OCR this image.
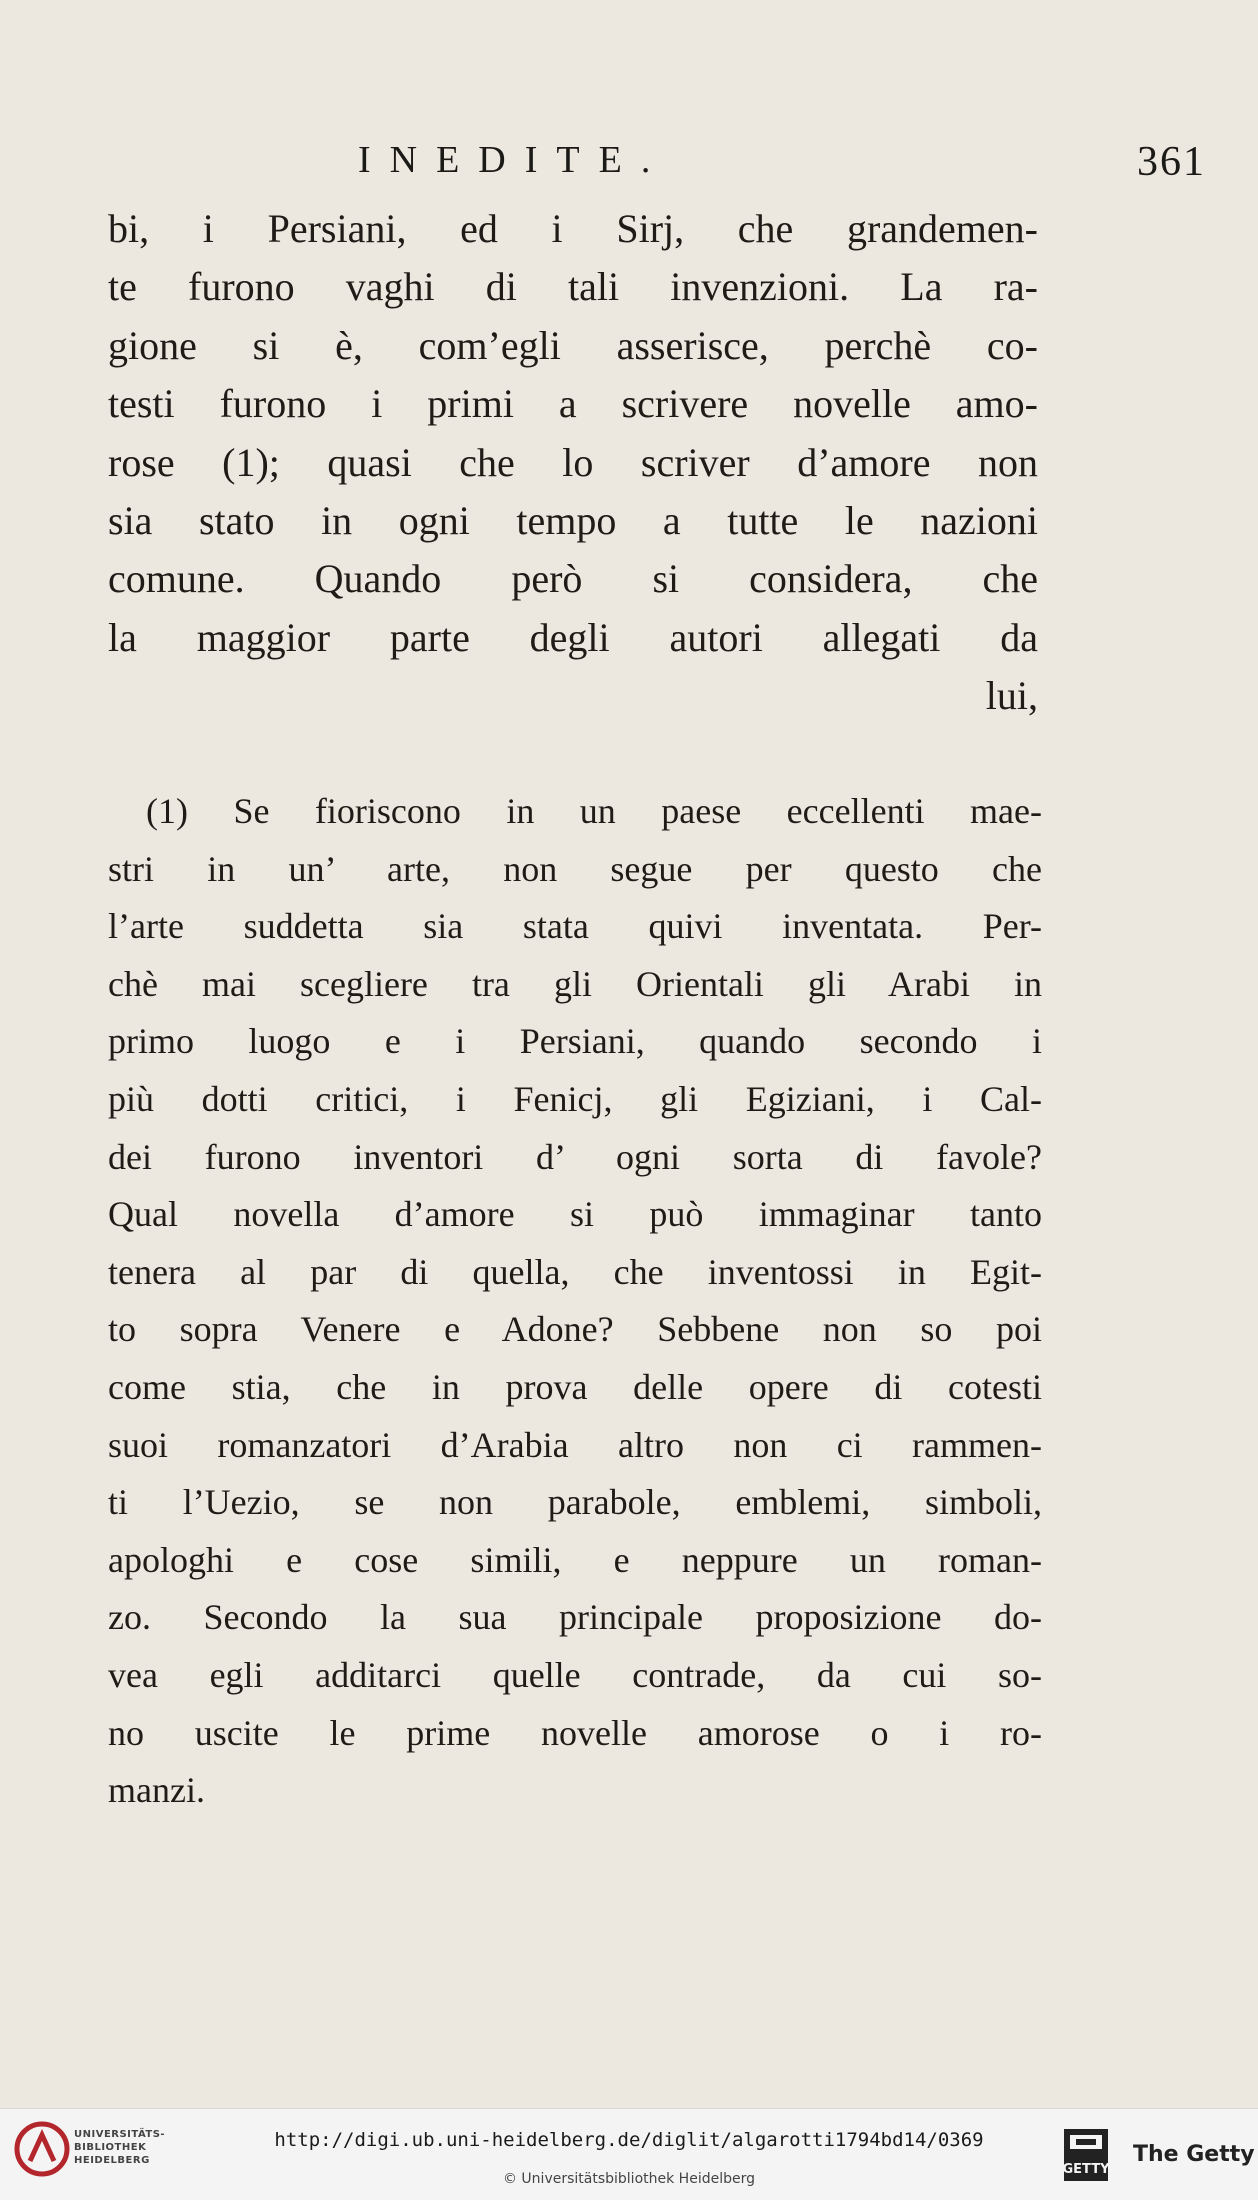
INEDITE.	361
bi, i Persiani, ed i Sirj, che grandemen-
te furono vaghi di tali invenzioni. La ra-
gione si è, com’egli asserisce, perchè co-
testi furono i primi a scrivere novelle amo-
rose (1); quasi che lo scriver d’amore non
sia stato in ogni tempo a tutte le nazioni
comune. Quando però si considera, che
la maggior parte degli autori allegati da
lui,
(1) Se fioriscono in un paese eccellenti mae-
stri in un’ arte, non segue per questo che
l’arte suddetta sia stata quivi inventata. Per-
chè mai scegliere tra gli Orientali gli Arabi in
primo luogo e i Persiani, quando secondo i
più dotti critici, i Fenicj, gli Egiziani, i Cal-
dei furono inventori d’ ogni sorta di favole?
Qual novella d’amore si può immaginar tanto
tenera al par di quella, che inventossi in Egit-
to sopra Venere e Adone? Sebbene non so poi
come stia, che in prova delle opere di cotesti
suoi romanzatori d’Arabia altro non ci rammen-
ti l’Uezio, se non parabole, emblemi, simboli,
apologhi e cose simili, e neppure un roman-
zo. Secondo la sua principale proposizione do-
vea egli additarci quelle contrade, da cui so-
no uscite le prime novelle amorose o i ro-
manzi.
UNIVERSITÄTS-
BIBLIOTHEK
HEIDELBERG
http://digi.ub.uni-heidelberg.de/diglit/algarotti1794bd14/0369
© Universitätsbibliothek Heidelberg
GETTY
The Getty
